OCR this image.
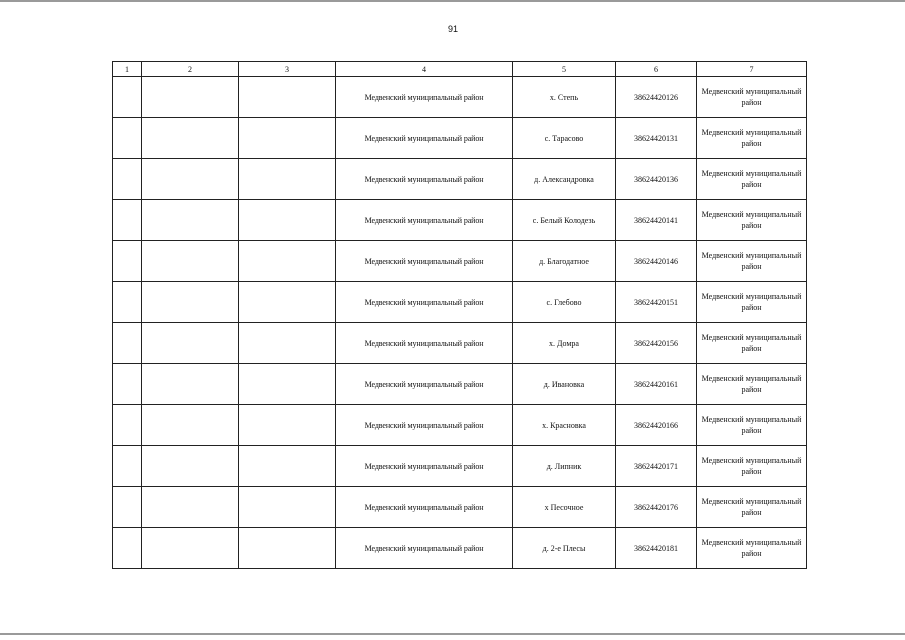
91
1	2	3	4	5	6	7
			Медвенский муниципальный район	х. Степь	38624420126	Медвенский муниципальный район
			Медвенский муниципальный район	с. Тарасово	38624420131	Медвенский муниципальный район
			Медвенский муниципальный район	д. Александровка	38624420136	Медвенский муниципальный район
			Медвенский муниципальный район	с. Белый Колодезь	38624420141	Медвенский муниципальный район
			Медвенский муниципальный район	д. Благодатное	38624420146	Медвенский муниципальный район
			Медвенский муниципальный район	с. Глебово	38624420151	Медвенский муниципальный район
			Медвенский муниципальный район	х. Домра	38624420156	Медвенский муниципальный район
			Медвенский муниципальный район	д. Ивановка	38624420161	Медвенский муниципальный район
			Медвенский муниципальный район	х. Красновка	38624420166	Медвенский муниципальный район
			Медвенский муниципальный район	д. Липник	38624420171	Медвенский муниципальный район
			Медвенский муниципальный район	х Песочное	38624420176	Медвенский муниципальный район
			Медвенский муниципальный район	д. 2-е Плесы	38624420181	Медвенский муниципальный район
